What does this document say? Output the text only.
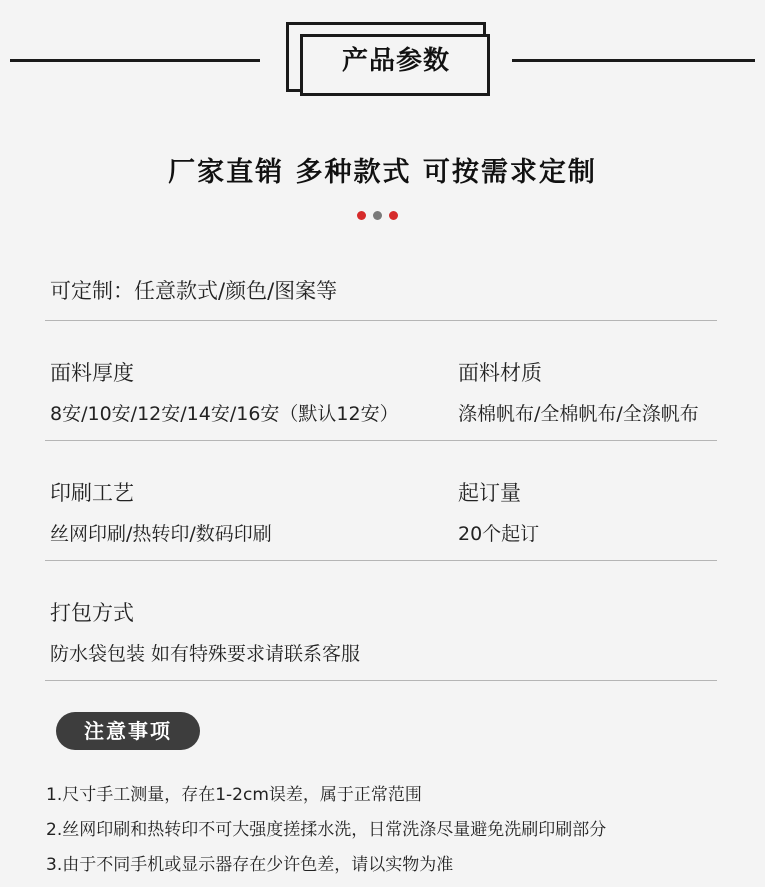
产品参数
厂家直销 多种款式 可按需求定制
可定制：任意款式/颜色/图案等
面料厚度
8安/10安/12安/14安/16安（默认12安）
面料材质
涤棉帆布/全棉帆布/全涤帆布
印刷工艺
丝网印刷/热转印/数码印刷
起订量
20个起订
打包方式
防水袋包装 如有特殊要求请联系客服
注意事项
1.尺寸手工测量，存在1-2cm误差，属于正常范围
2.丝网印刷和热转印不可大强度搓揉水洗，日常洗涤尽量避免洗刷印刷部分
3.由于不同手机或显示器存在少许色差，请以实物为准
